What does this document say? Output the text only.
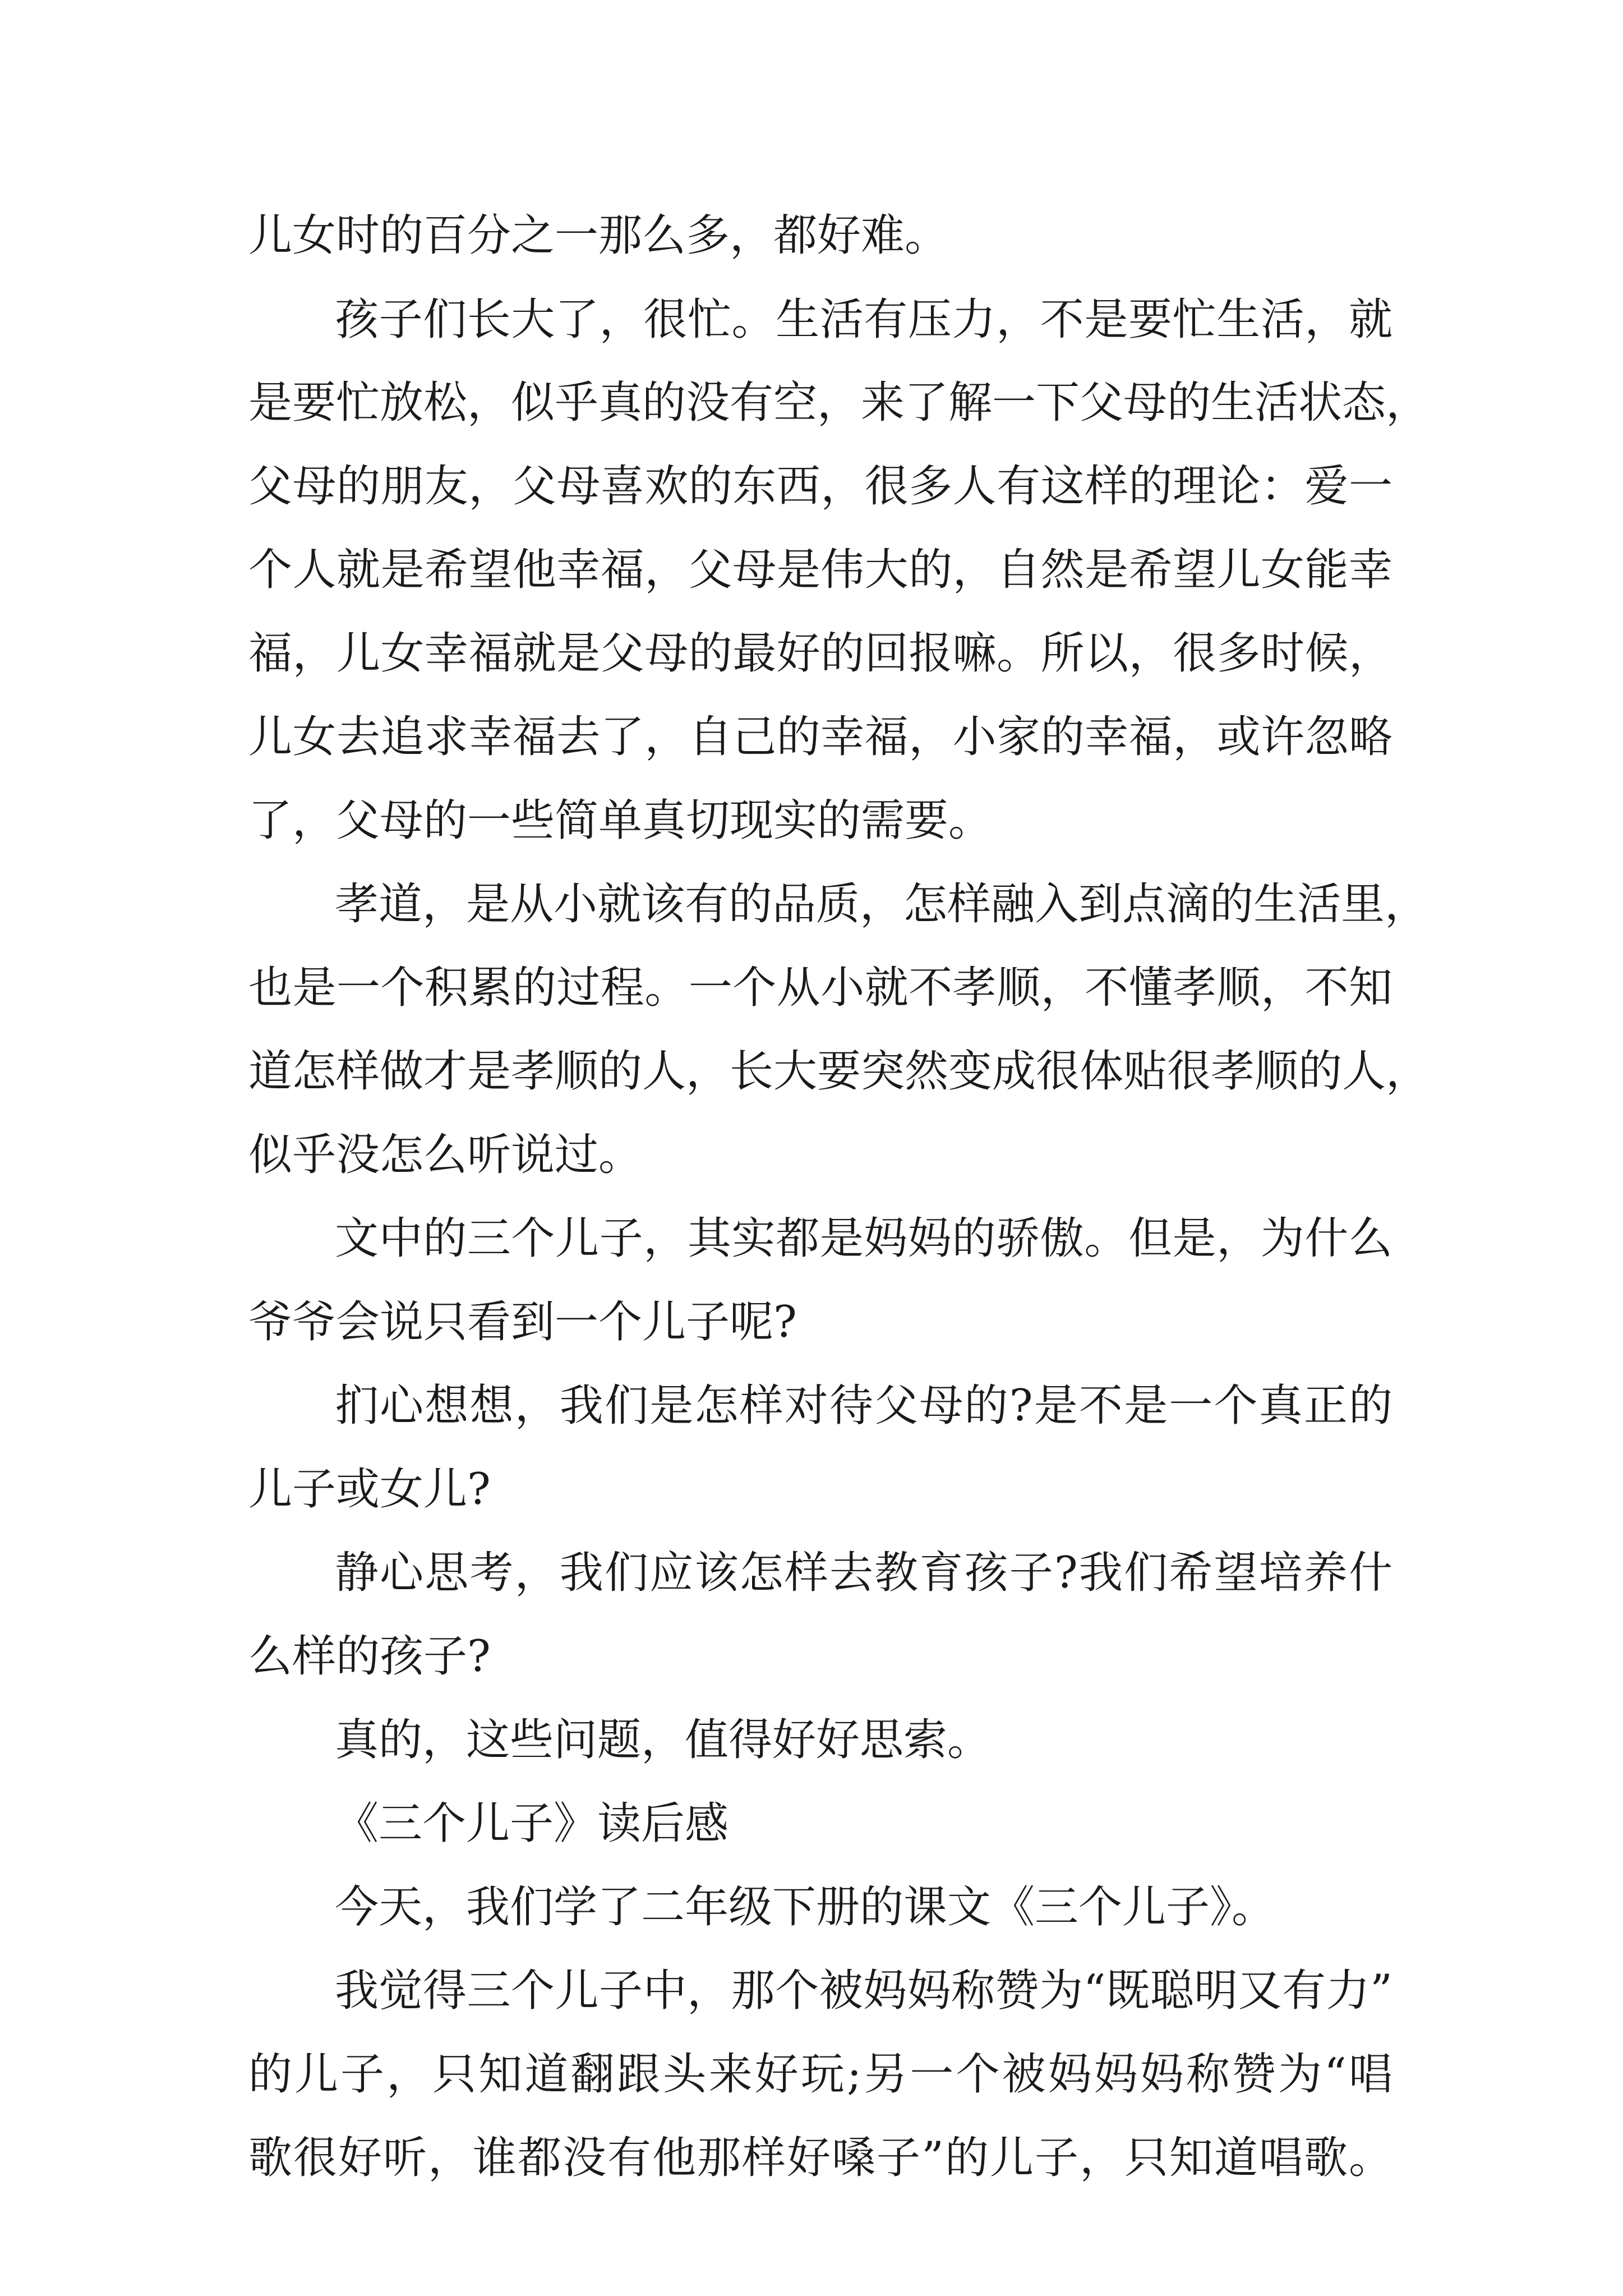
儿女时的百分之一那么多，都好难。
孩子们长大了，很忙。生活有压力，不是要忙生活，就
是要忙放松，似乎真的没有空，来了解一下父母的生活状态，
父母的朋友，父母喜欢的东西，很多人有这样的理论：爱一
个人就是希望他幸福，父母是伟大的，自然是希望儿女能幸
福，儿女幸福就是父母的最好的回报嘛。所以，很多时候，
儿女去追求幸福去了，自己的幸福，小家的幸福，或许忽略
了，父母的一些简单真切现实的需要。
孝道，是从小就该有的品质，怎样融入到点滴的生活里，
也是一个积累的过程。一个从小就不孝顺，不懂孝顺，不知
道怎样做才是孝顺的人，长大要突然变成很体贴很孝顺的人，
似乎没怎么听说过。
文中的三个儿子，其实都是妈妈的骄傲。但是，为什么
爷爷会说只看到一个儿子呢?
扪心想想，我们是怎样对待父母的?是不是一个真正的
儿子或女儿?
静心思考，我们应该怎样去教育孩子?我们希望培养什
么样的孩子?
真的，这些问题，值得好好思索。
《三个儿子》读后感
今天，我们学了二年级下册的课文《三个儿子》。
我觉得三个儿子中，那个被妈妈称赞为“既聪明又有力”
的儿子，只知道翻跟头来好玩;另一个被妈妈妈称赞为“唱
歌很好听，谁都没有他那样好嗓子”的儿子，只知道唱歌。
